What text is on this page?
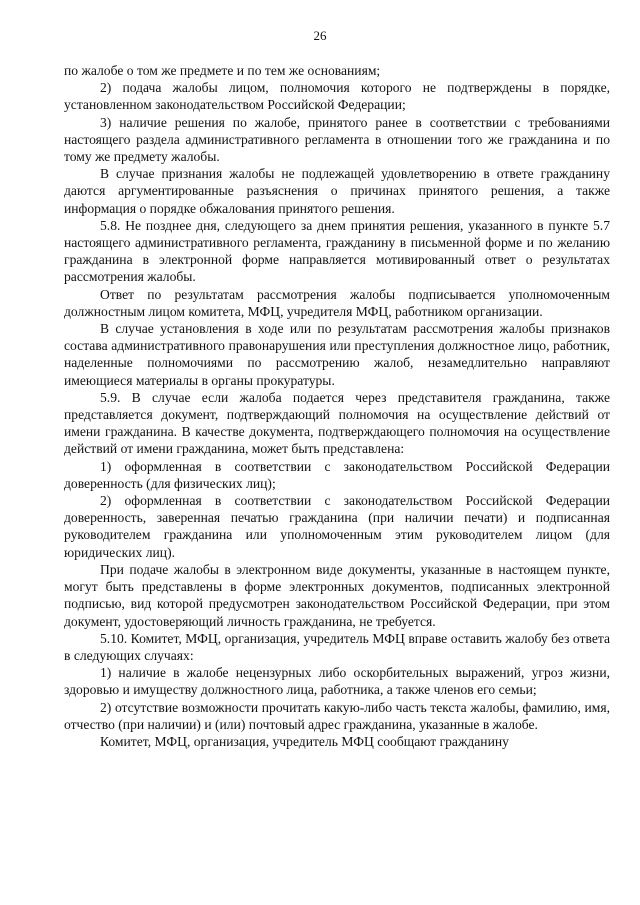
26

по жалобе о том же предмете и по тем же основаниям;

2) подача жалобы лицом, полномочия которого не подтверждены в порядке, установленном законодательством Российской Федерации;

3) наличие решения по жалобе, принятого ранее в соответствии с требованиями настоящего раздела административного регламента в отношении того же гражданина и по тому же предмету жалобы.

В случае признания жалобы не подлежащей удовлетворению в ответе гражданину даются аргументированные разъяснения о причинах принятого решения, а также информация о порядке обжалования принятого решения.

5.8. Не позднее дня, следующего за днем принятия решения, указанного в пункте 5.7 настоящего административного регламента, гражданину в письменной форме и по желанию гражданина в электронной форме направляется мотивированный ответ о результатах рассмотрения жалобы.

Ответ по результатам рассмотрения жалобы подписывается уполномоченным должностным лицом комитета, МФЦ, учредителя МФЦ, работником организации.

В случае установления в ходе или по результатам рассмотрения жалобы признаков состава административного правонарушения или преступления должностное лицо, работник, наделенные полномочиями по рассмотрению жалоб, незамедлительно направляют имеющиеся материалы в органы прокуратуры.

5.9. В случае если жалоба подается через представителя гражданина, также представляется документ, подтверждающий полномочия на осуществление действий от имени гражданина. В качестве документа, подтверждающего полномочия на осуществление действий от имени гражданина, может быть представлена:

1) оформленная в соответствии с законодательством Российской Федерации доверенность (для физических лиц);

2) оформленная в соответствии с законодательством Российской Федерации доверенность, заверенная печатью гражданина (при наличии печати) и подписанная руководителем гражданина или уполномоченным этим руководителем лицом (для юридических лиц).

При подаче жалобы в электронном виде документы, указанные в настоящем пункте, могут быть представлены в форме электронных документов, подписанных электронной подписью, вид которой предусмотрен законодательством Российской Федерации, при этом документ, удостоверяющий личность гражданина, не требуется.

5.10. Комитет, МФЦ, организация, учредитель МФЦ вправе оставить жалобу без ответа в следующих случаях:

1) наличие в жалобе нецензурных либо оскорбительных выражений, угроз жизни, здоровью и имуществу должностного лица, работника, а также членов его семьи;

2) отсутствие возможности прочитать какую-либо часть текста жалобы, фамилию, имя, отчество (при наличии) и (или) почтовый адрес гражданина, указанные в жалобе.

Комитет, МФЦ, организация, учредитель МФЦ сообщают гражданину
